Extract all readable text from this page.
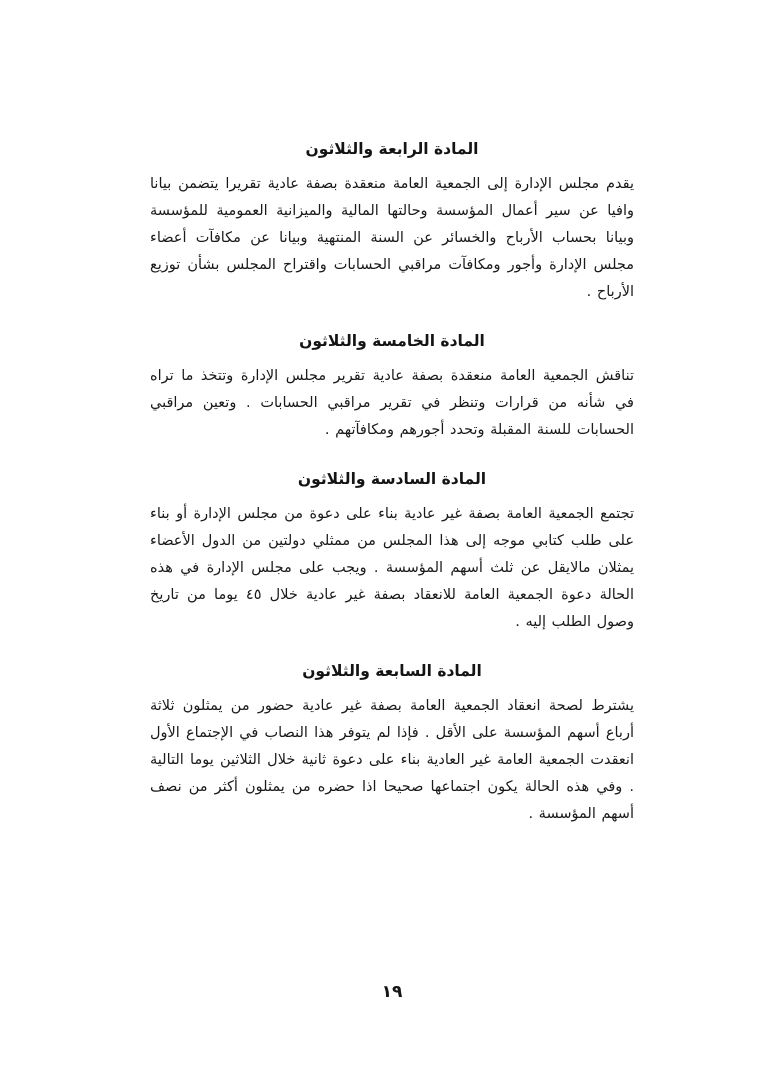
المادة الرابعة والثلاثون

يقدم مجلس الإدارة إلى الجمعية العامة منعقدة بصفة عادية تقريرا يتضمن بيانا وافيا عن سير أعمال المؤسسة وحالتها المالية والميزانية العمومية للمؤسسة وبيانا بحساب الأرباح والخسائر عن السنة المنتهية وبيانا عن مكافآت أعضاء مجلس الإدارة وأجور ومكافآت مراقبي الحسابات واقتراح المجلس بشأن توزيع الأرباح .

المادة الخامسة والثلاثون

تناقش الجمعية العامة منعقدة بصفة عادية تقرير مجلس الإدارة وتتخذ ما تراه في شأنه من قرارات وتنظر في تقرير مراقبي الحسابات . وتعين مراقبي الحسابات للسنة المقبلة وتحدد أجورهم ومكافآتهم .

المادة السادسة والثلاثون

تجتمع الجمعية العامة بصفة غير عادية بناء على دعوة من مجلس الإدارة أو بناء على طلب كتابي موجه إلى هذا المجلس من ممثلي دولتين من الدول الأعضاء يمثلان مالايقل عن ثلث أسهم المؤسسة . ويجب على مجلس الإدارة في هذه الحالة دعوة الجمعية العامة للانعقاد بصفة غير عادية خلال ٤٥ يوما من تاريخ وصول الطلب إليه .

المادة السابعة والثلاثون

يشترط لصحة انعقاد الجمعية العامة بصفة غير عادية حضور من يمثلون ثلاثة أرباع أسهم المؤسسة على الأقل . فإذا لم يتوفر هذا النصاب في الإجتماع الأول انعقدت الجمعية العامة غير العادية بناء على دعوة ثانية خلال الثلاثين يوما التالية . وفي هذه الحالة يكون اجتماعها صحيحا اذا حضره من يمثلون أكثر من نصف أسهم المؤسسة .

١٩
